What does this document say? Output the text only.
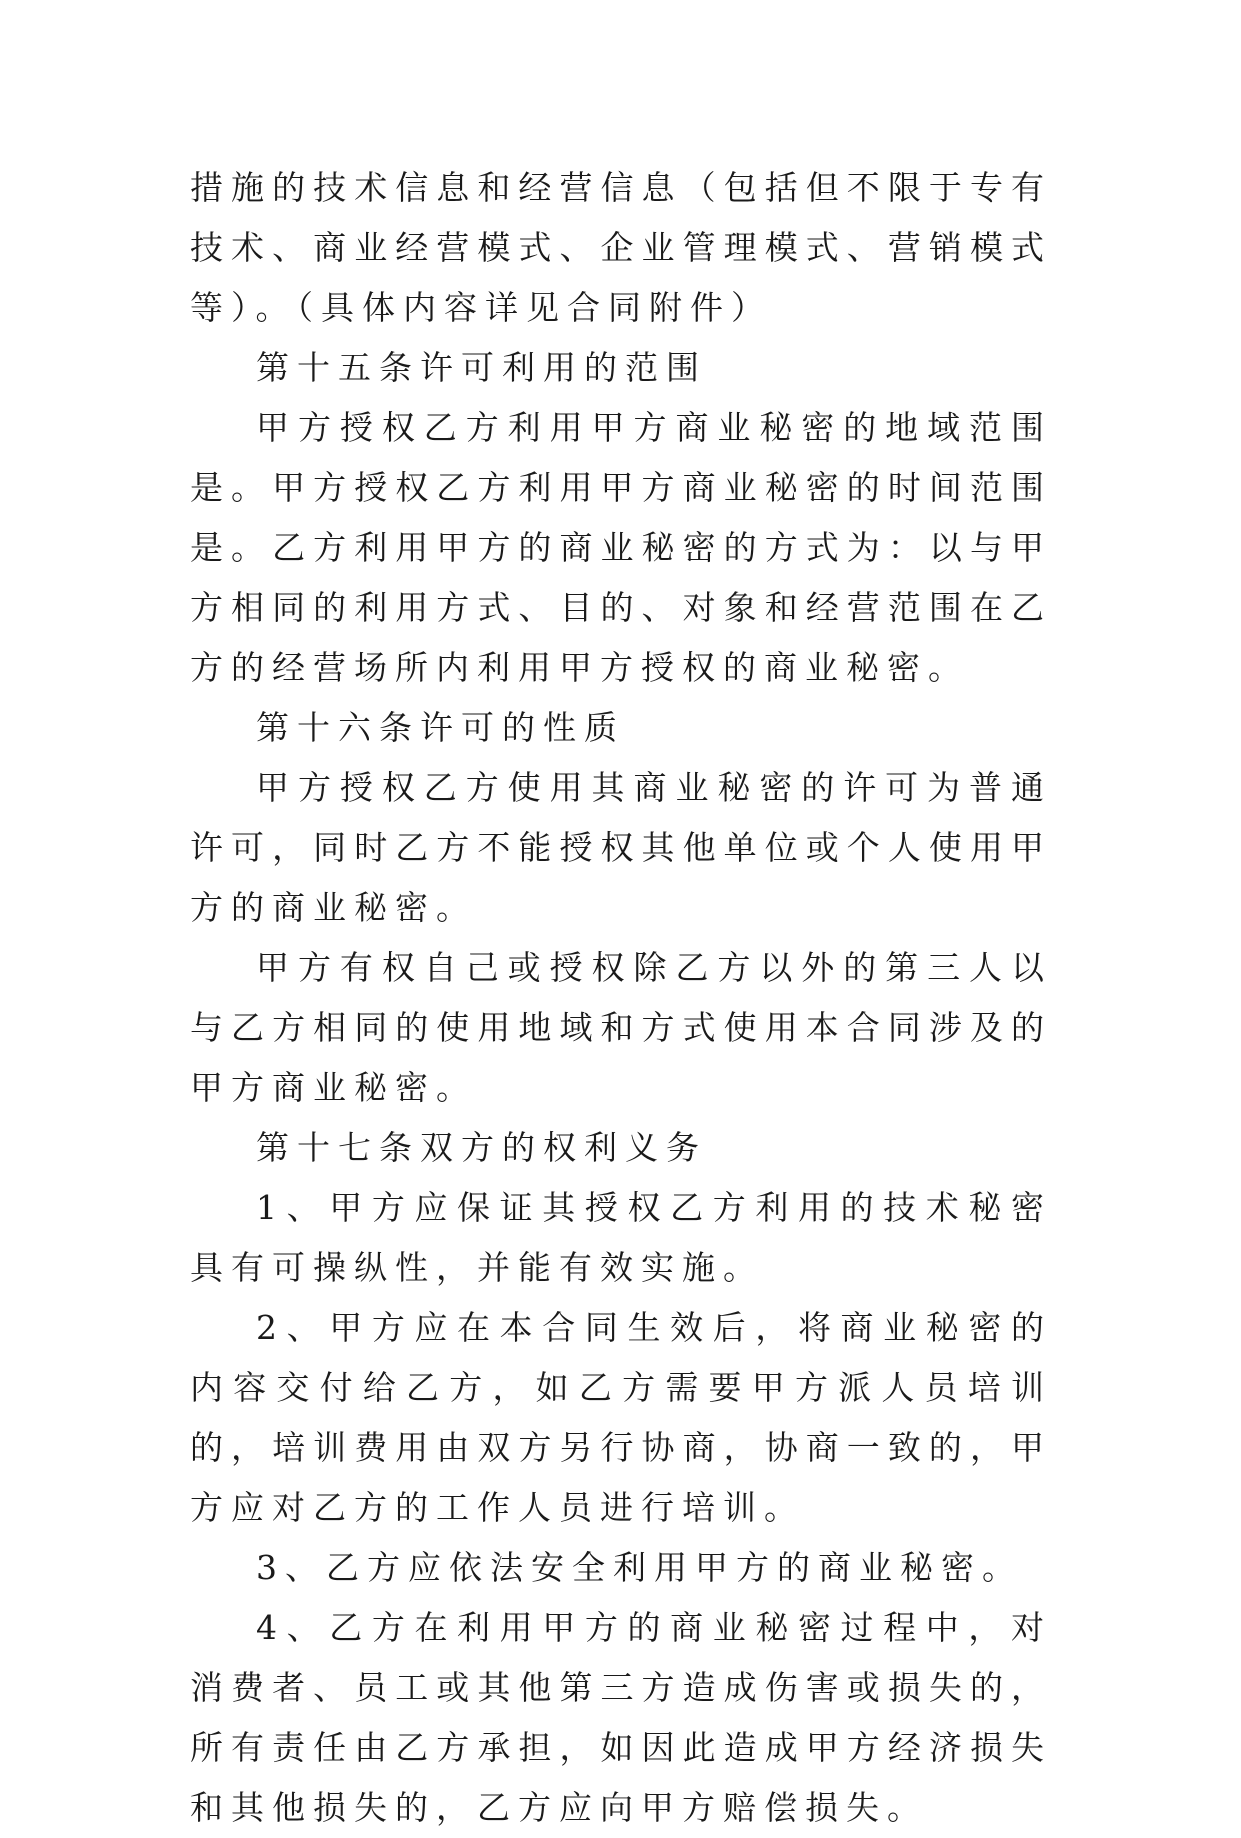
措施的技术信息和经营信息（包括但不限于专有技术、商业经营模式、企业管理模式、营销模式等）。（具体内容详见合同附件）

第十五条许可利用的范围

甲方授权乙方利用甲方商业秘密的地域范围是。甲方授权乙方利用甲方商业秘密的时间范围是。乙方利用甲方的商业秘密的方式为：以与甲方相同的利用方式、目的、对象和经营范围在乙方的经营场所内利用甲方授权的商业秘密。

第十六条许可的性质

甲方授权乙方使用其商业秘密的许可为普通许可，同时乙方不能授权其他单位或个人使用甲方的商业秘密。

甲方有权自己或授权除乙方以外的第三人以与乙方相同的使用地域和方式使用本合同涉及的甲方商业秘密。

第十七条双方的权利义务

1、甲方应保证其授权乙方利用的技术秘密具有可操纵性，并能有效实施。

2、甲方应在本合同生效后，将商业秘密的内容交付给乙方，如乙方需要甲方派人员培训的，培训费用由双方另行协商，协商一致的，甲方应对乙方的工作人员进行培训。

3、乙方应依法安全利用甲方的商业秘密。

4、乙方在利用甲方的商业秘密过程中，对消费者、员工或其他第三方造成伤害或损失的，所有责任由乙方承担，如因此造成甲方经济损失和其他损失的，乙方应向甲方赔偿损失。
